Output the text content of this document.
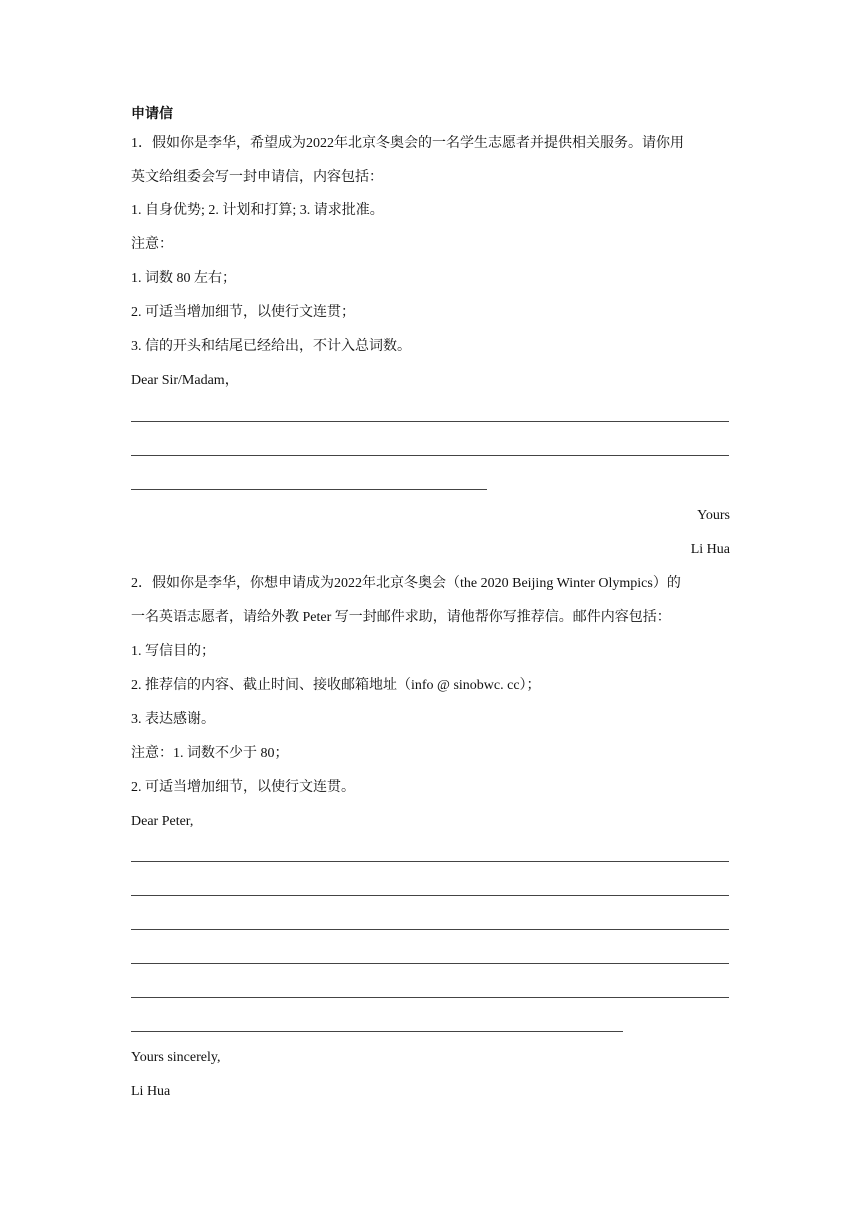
申请信
1．假如你是李华，希望成为2022年北京冬奥会的一名学生志愿者并提供相关服务。请你用
英文给组委会写一封申请信，内容包括：
1. 自身优势; 2. 计划和打算; 3. 请求批准。
注意：
1. 词数 80 左右；
2. 可适当增加细节，以使行文连贯；
3. 信的开头和结尾已经给出，不计入总词数。
Dear Sir/Madam，
Yours
Li Hua
2．假如你是李华，你想申请成为2022年北京冬奥会（the 2020 Beijing Winter Olympics）的
一名英语志愿者，请给外教 Peter 写一封邮件求助，请他帮你写推荐信。邮件内容包括：
1. 写信目的；
2. 推荐信的内容、截止时间、接收邮箱地址（info @ sinobwc. cc）；
3. 表达感谢。
注意：1. 词数不少于 80；
2. 可适当增加细节，以使行文连贯。
Dear Peter,
Yours sincerely,
Li Hua
